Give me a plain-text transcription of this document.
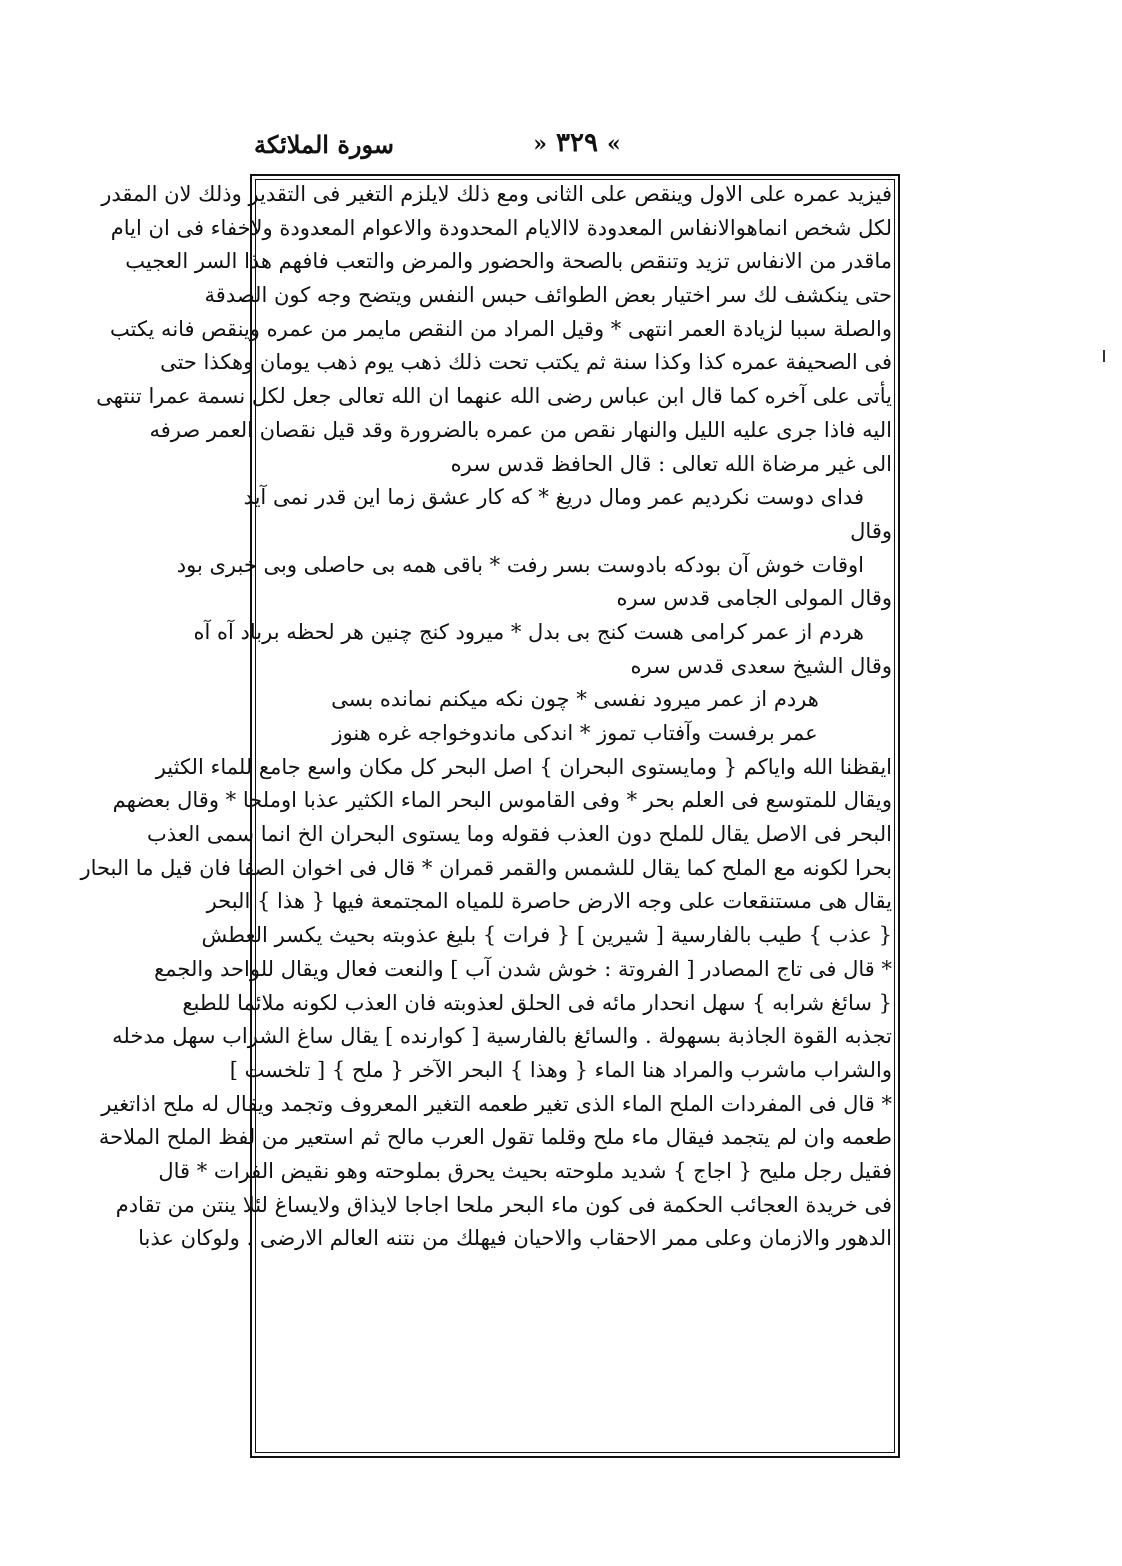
سورة الملائكة	» ٣٢٩ «
فيزيد عمره على الاول وينقص على الثانى ومع ذلك لايلزم التغير فى التقدير وذلك لان المقدر
لكل شخص انماهوالانفاس المعدودة لاالايام المحدودة والاعوام المعدودة ولاخفاء فى ان ايام
ماقدر من الانفاس تزيد وتنقص بالصحة والحضور والمرض والتعب فافهم هذا السر العجيب
حتى ينكشف لك سر اختيار بعض الطوائف حبس النفس ويتضح وجه كون الصدقة
والصلة سببا لزيادة العمر انتهى * وقيل المراد من النقص مايمر من عمره وينقص فانه يكتب
فى الصحيفة عمره كذا وكذا سنة ثم يكتب تحت ذلك ذهب يوم ذهب يومان وهكذا حتى
يأتى على آخره كما قال ابن عباس رضى الله عنهما ان الله تعالى جعل لكل نسمة عمرا تنتهى
اليه فاذا جرى عليه الليل والنهار نقص من عمره بالضرورة وقد قيل نقصان العمر صرفه
الى غير مرضاة الله تعالى : قال الحافظ قدس سره
فداى دوست نكرديم عمر ومال دريغ * كه كار عشق زما اين قدر نمى آيد
وقال
اوقات خوش آن بودكه بادوست بسر رفت * باقى همه بى حاصلى وبى خبرى بود
وقال المولى الجامى قدس سره
هردم از عمر كرامى هست كنج بى بدل * ميرود كنج چنين هر لحظه برباد آه آه
وقال الشيخ سعدى قدس سره
هردم از عمر ميرود نفسى * چون نكه ميكنم نمانده بسى
عمر برفست وآفتاب تموز * اندكى ماندوخواجه غره هنوز
ايقظنا الله واياكم { ومايستوى البحران } اصل البحر كل مكان واسع جامع للماء الكثير
ويقال للمتوسع فى العلم بحر * وفى القاموس البحر الماء الكثير عذبا اوملحا * وقال بعضهم
البحر فى الاصل يقال للملح دون العذب فقوله وما يستوى البحران الخ انما سمى العذب
بحرا لكونه مع الملح كما يقال للشمس والقمر قمران * قال فى اخوان الصفا فان قيل ما البحار
يقال هى مستنقعات على وجه الارض حاصرة للمياه المجتمعة فيها { هذا } البحر
{ عذب } طيب بالفارسية [ شيرين ] { فرات } بليغ عذوبته بحيث يكسر العطش
* قال فى تاج المصادر [ الفروتة : خوش شدن آب ] والنعت فعال ويقال للواحد والجمع
{ سائغ شرابه } سهل انحدار مائه فى الحلق لعذوبته فان العذب لكونه ملائما للطبع
تجذبه القوة الجاذبة بسهولة . والسائغ بالفارسية [ كوارنده ] يقال ساغ الشراب سهل مدخله
والشراب ماشرب والمراد هنا الماء { وهذا } البحر الآخر { ملح } [ تلخست ]
* قال فى المفردات الملح الماء الذى تغير طعمه التغير المعروف وتجمد ويقال له ملح اذاتغير
طعمه وان لم يتجمد فيقال ماء ملح وقلما تقول العرب مالح ثم استعير من لفظ الملح الملاحة
فقيل رجل مليح { اجاج } شديد ملوحته بحيث يحرق بملوحته وهو نقيض الفرات * قال
فى خريدة العجائب الحكمة فى كون ماء البحر ملحا اجاجا لايذاق ولايساغ لئلا ينتن من تقادم
الدهور والازمان وعلى ممر الاحقاب والاحيان فيهلك من نتنه العالم الارضى . ولوكان عذبا
